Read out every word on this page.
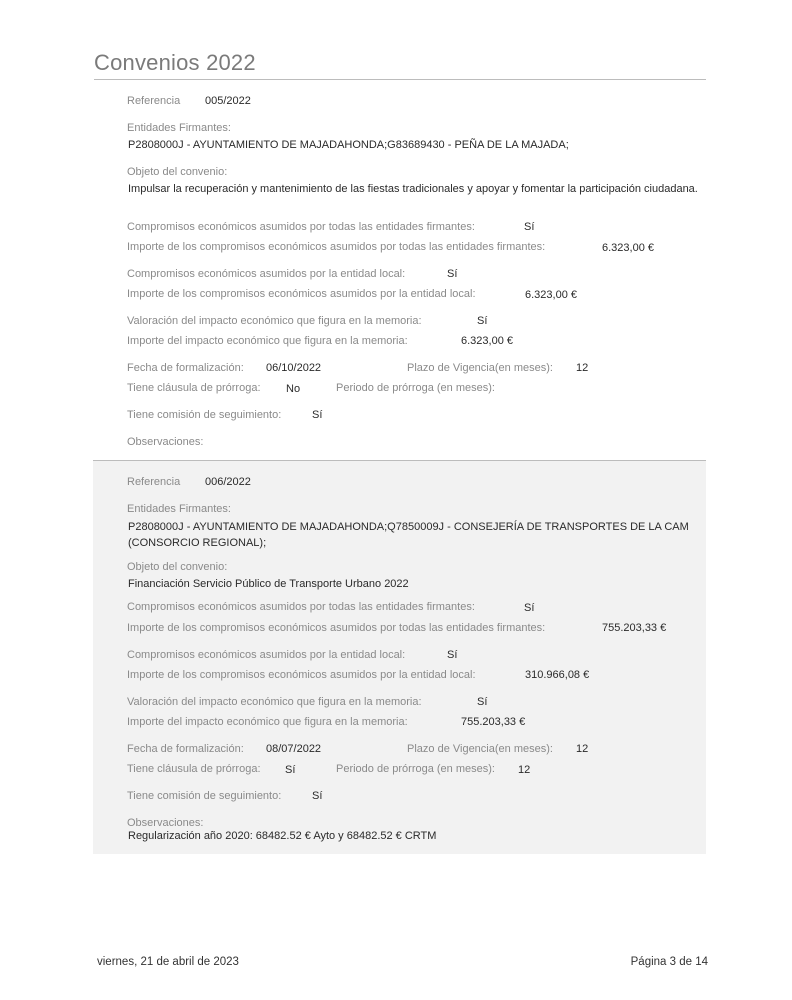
Convenios 2022
Referencia 005/2022
Entidades Firmantes:
P2808000J - AYUNTAMIENTO DE MAJADAHONDA;G83689430 - PEÑA DE LA MAJADA;
Objeto del convenio:
Impulsar la recuperación y mantenimiento de las fiestas tradicionales y apoyar y fomentar la participación ciudadana.
Compromisos económicos asumidos por todas las entidades firmantes:	Sí
Importe de los compromisos económicos asumidos por todas las entidades firmantes:	6.323,00 €
Compromisos económicos asumidos por la entidad local:	Sí
Importe de los compromisos económicos asumidos por la entidad local:	6.323,00 €
Valoración del impacto económico que figura en la memoria:	Sí
Importe del impacto económico que figura en la memoria:	6.323,00 €
Fecha de formalización: 06/10/2022	Plazo de Vigencia(en meses): 12
Tiene cláusula de prórroga: No	Periodo de prórroga (en meses):
Tiene comisión de seguimiento:	Sí
Observaciones:
Referencia 006/2022
Entidades Firmantes:
P2808000J - AYUNTAMIENTO DE MAJADAHONDA;Q7850009J - CONSEJERÍA DE TRANSPORTES DE LA CAM (CONSORCIO REGIONAL);
Objeto del convenio:
Financiación Servicio Público de Transporte Urbano 2022
Compromisos económicos asumidos por todas las entidades firmantes:	Sí
Importe de los compromisos económicos asumidos por todas las entidades firmantes:	755.203,33 €
Compromisos económicos asumidos por la entidad local:	Sí
Importe de los compromisos económicos asumidos por la entidad local:	310.966,08 €
Valoración del impacto económico que figura en la memoria:	Sí
Importe del impacto económico que figura en la memoria:	755.203,33 €
Fecha de formalización: 08/07/2022	Plazo de Vigencia(en meses): 12
Tiene cláusula de prórroga: Sí	Periodo de prórroga (en meses): 12
Tiene comisión de seguimiento:	Sí
Observaciones:
Regularización año 2020: 68482.52 € Ayto y 68482.52 € CRTM
viernes, 21 de abril de 2023	Página 3 de 14
